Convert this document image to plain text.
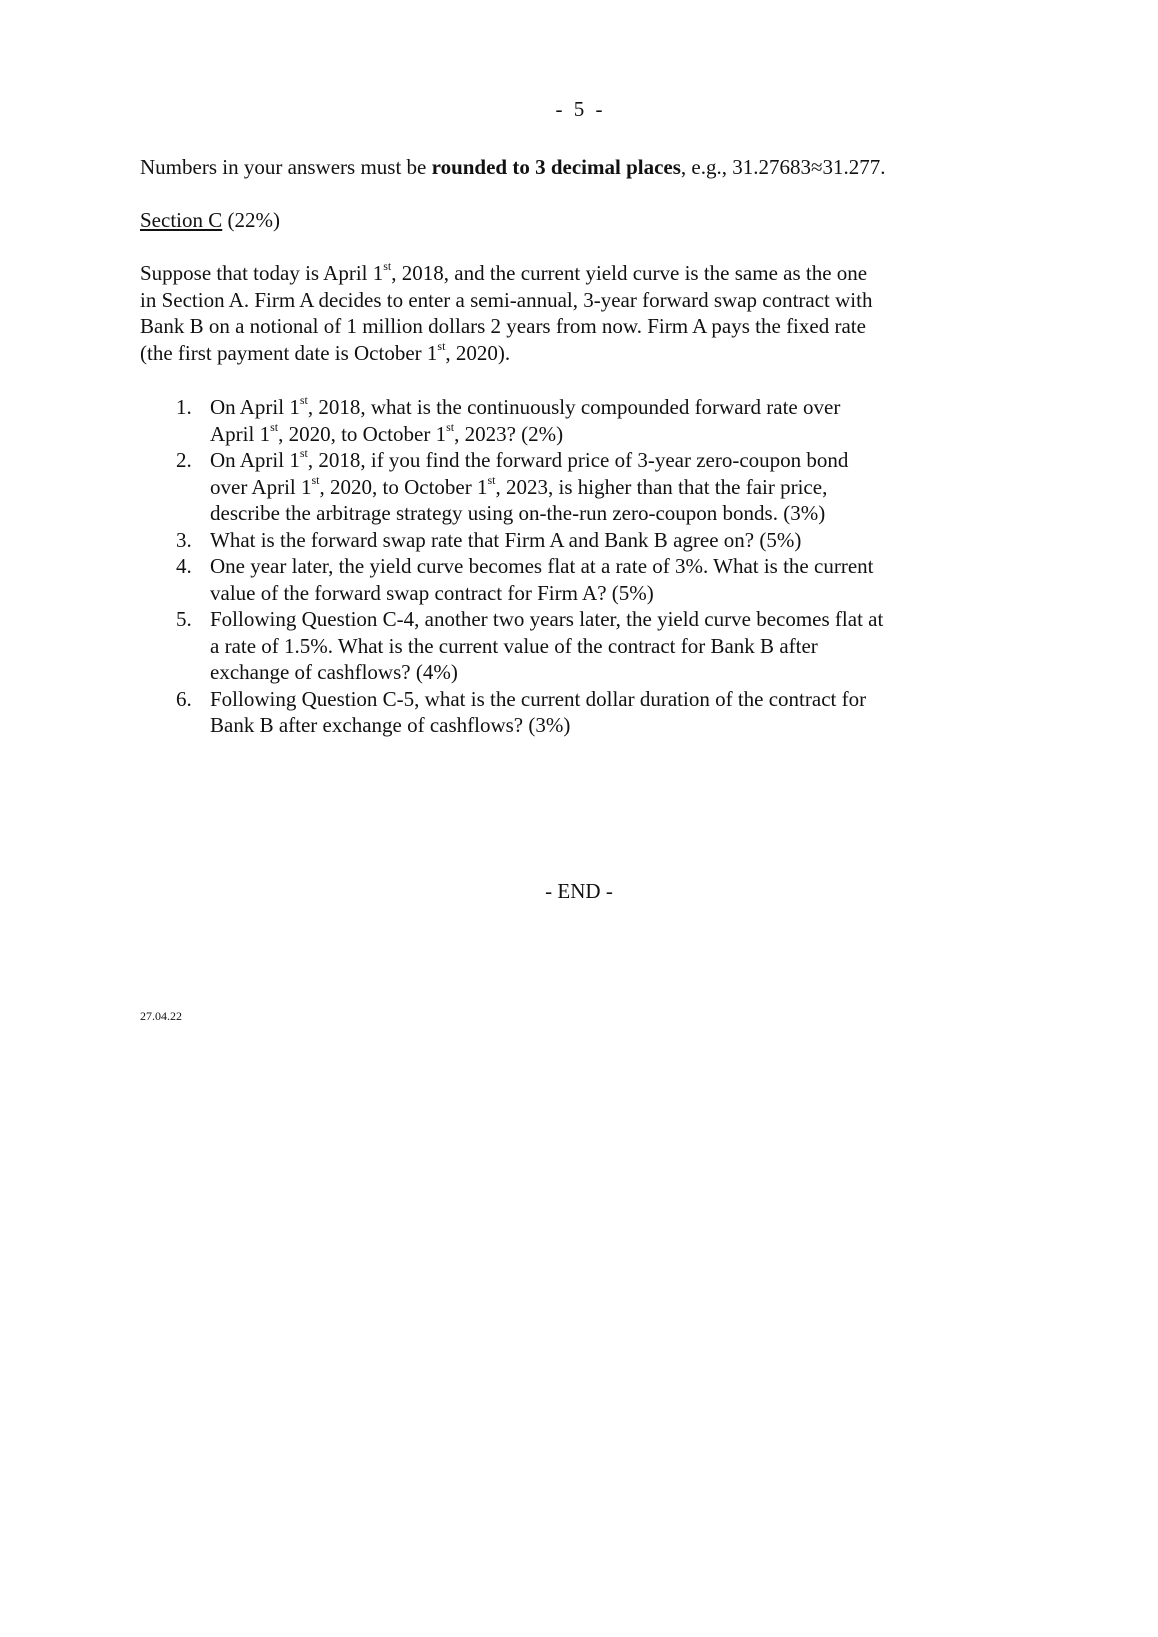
- 5 -
Numbers in your answers must be rounded to 3 decimal places, e.g., 31.27683≈31.277.
Section C (22%)
Suppose that today is April 1st, 2018, and the current yield curve is the same as the one
in Section A. Firm A decides to enter a semi-annual, 3-year forward swap contract with
Bank B on a notional of 1 million dollars 2 years from now. Firm A pays the fixed rate
(the first payment date is October 1st, 2020).
1. On April 1st, 2018, what is the continuously compounded forward rate over
April 1st, 2020, to October 1st, 2023? (2%)
2. On April 1st, 2018, if you find the forward price of 3-year zero-coupon bond
over April 1st, 2020, to October 1st, 2023, is higher than that the fair price,
describe the arbitrage strategy using on-the-run zero-coupon bonds. (3%)
3. What is the forward swap rate that Firm A and Bank B agree on? (5%)
4. One year later, the yield curve becomes flat at a rate of 3%. What is the current
value of the forward swap contract for Firm A? (5%)
5. Following Question C-4, another two years later, the yield curve becomes flat at
a rate of 1.5%. What is the current value of the contract for Bank B after
exchange of cashflows? (4%)
6. Following Question C-5, what is the current dollar duration of the contract for
Bank B after exchange of cashflows? (3%)
- END -
27.04.22
